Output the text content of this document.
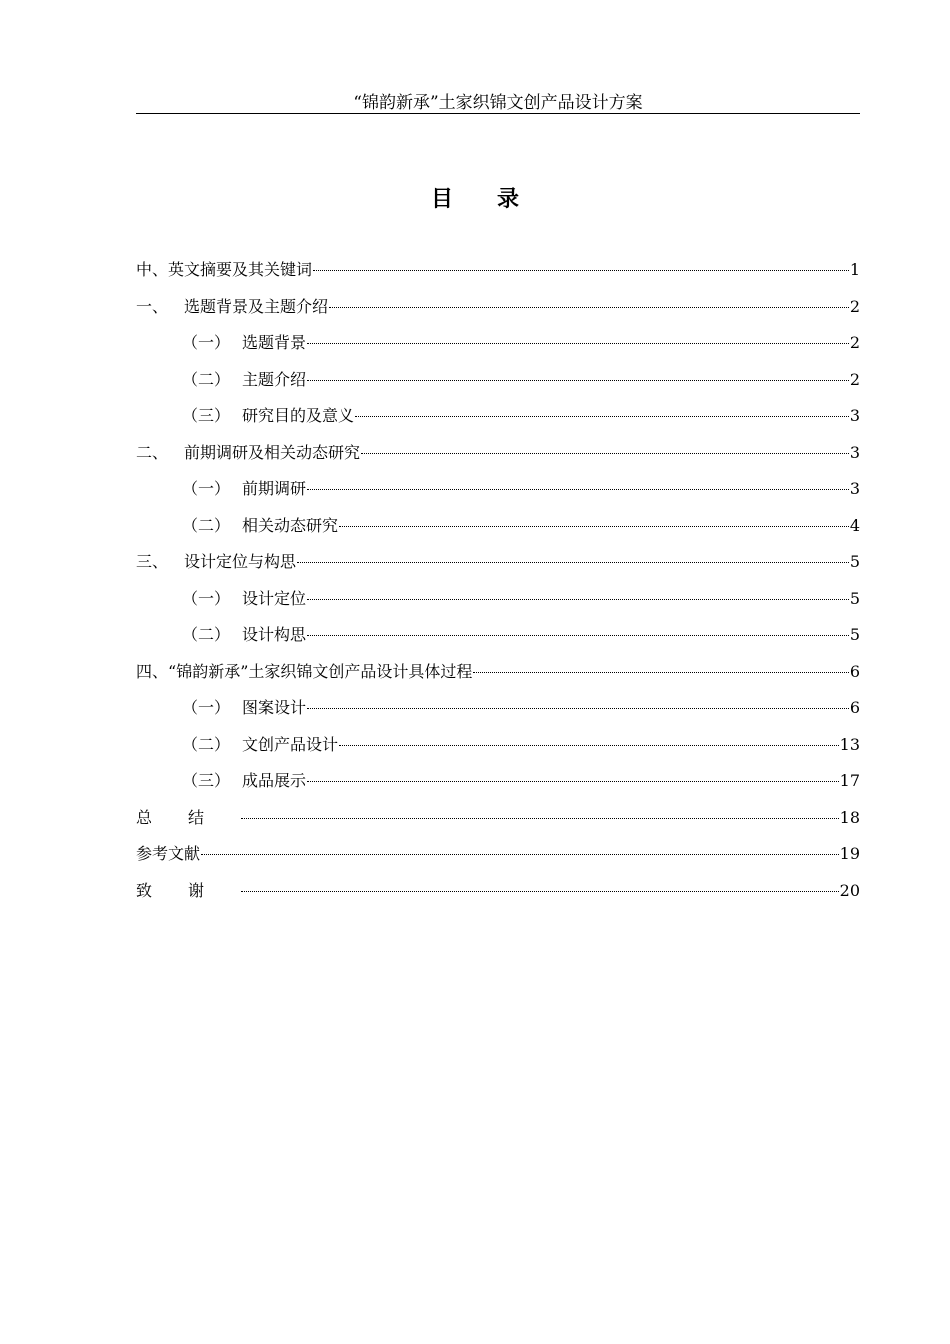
“锦韵新承”土家织锦文创产品设计方案
目 录
中、英文摘要及其关键词	1
一、 选题背景及主题介绍	2
（一） 选题背景	2
（二） 主题介绍	2
（三） 研究目的及意义	3
二、 前期调研及相关动态研究	3
（一） 前期调研	3
（二） 相关动态研究	4
三、 设计定位与构思	5
（一） 设计定位	5
（二） 设计构思	5
四、“锦韵新承”土家织锦文创产品设计具体过程	6
（一） 图案设计	6
（二） 文创产品设计	13
（三） 成品展示	17
总结	18
参考文献	19
致谢	20
